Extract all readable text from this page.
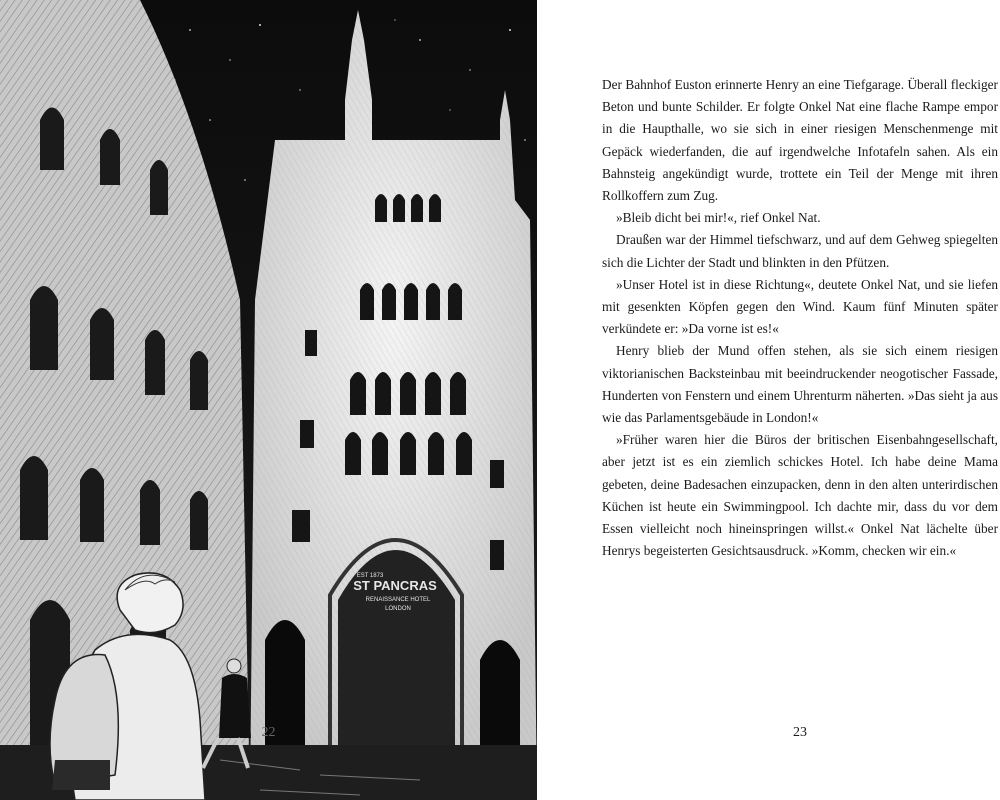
EST 1873
ST PANCRAS
RENAISSANCE HOTEL
LONDON
22

Der Bahnhof Euston erinnerte Henry an eine Tiefgarage. Überall fleckiger Beton und bunte Schilder. Er folgte Onkel Nat eine flache Rampe empor in die Haupthalle, wo sie sich in einer riesigen Menschenmenge mit Gepäck wiederfanden, die auf irgendwelche Infotafeln sahen. Als ein Bahnsteig angekündigt wurde, trottete ein Teil der Menge mit ihren Rollkoffern zum Zug.

»Bleib dicht bei mir!«, rief Onkel Nat.

Draußen war der Himmel tiefschwarz, und auf dem Gehweg spiegelten sich die Lichter der Stadt und blinkten in den Pfützen.

»Unser Hotel ist in diese Richtung«, deutete Onkel Nat, und sie liefen mit gesenkten Köpfen gegen den Wind. Kaum fünf Minuten später verkündete er: »Da vorne ist es!«

Henry blieb der Mund offen stehen, als sie sich einem riesigen viktorianischen Backsteinbau mit beeindruckender neogotischer Fassade, Hunderten von Fenstern und einem Uhrenturm näherten. »Das sieht ja aus wie das Parlamentsgebäude in London!«

»Früher waren hier die Büros der britischen Eisenbahngesellschaft, aber jetzt ist es ein ziemlich schickes Hotel. Ich habe deine Mama gebeten, deine Badesachen einzupacken, denn in den alten unterirdischen Küchen ist heute ein Swimmingpool. Ich dachte mir, dass du vor dem Essen vielleicht noch hineinspringen willst.« Onkel Nat lächelte über Henrys begeisterten Gesichtsausdruck. »Komm, checken wir ein.«

23
